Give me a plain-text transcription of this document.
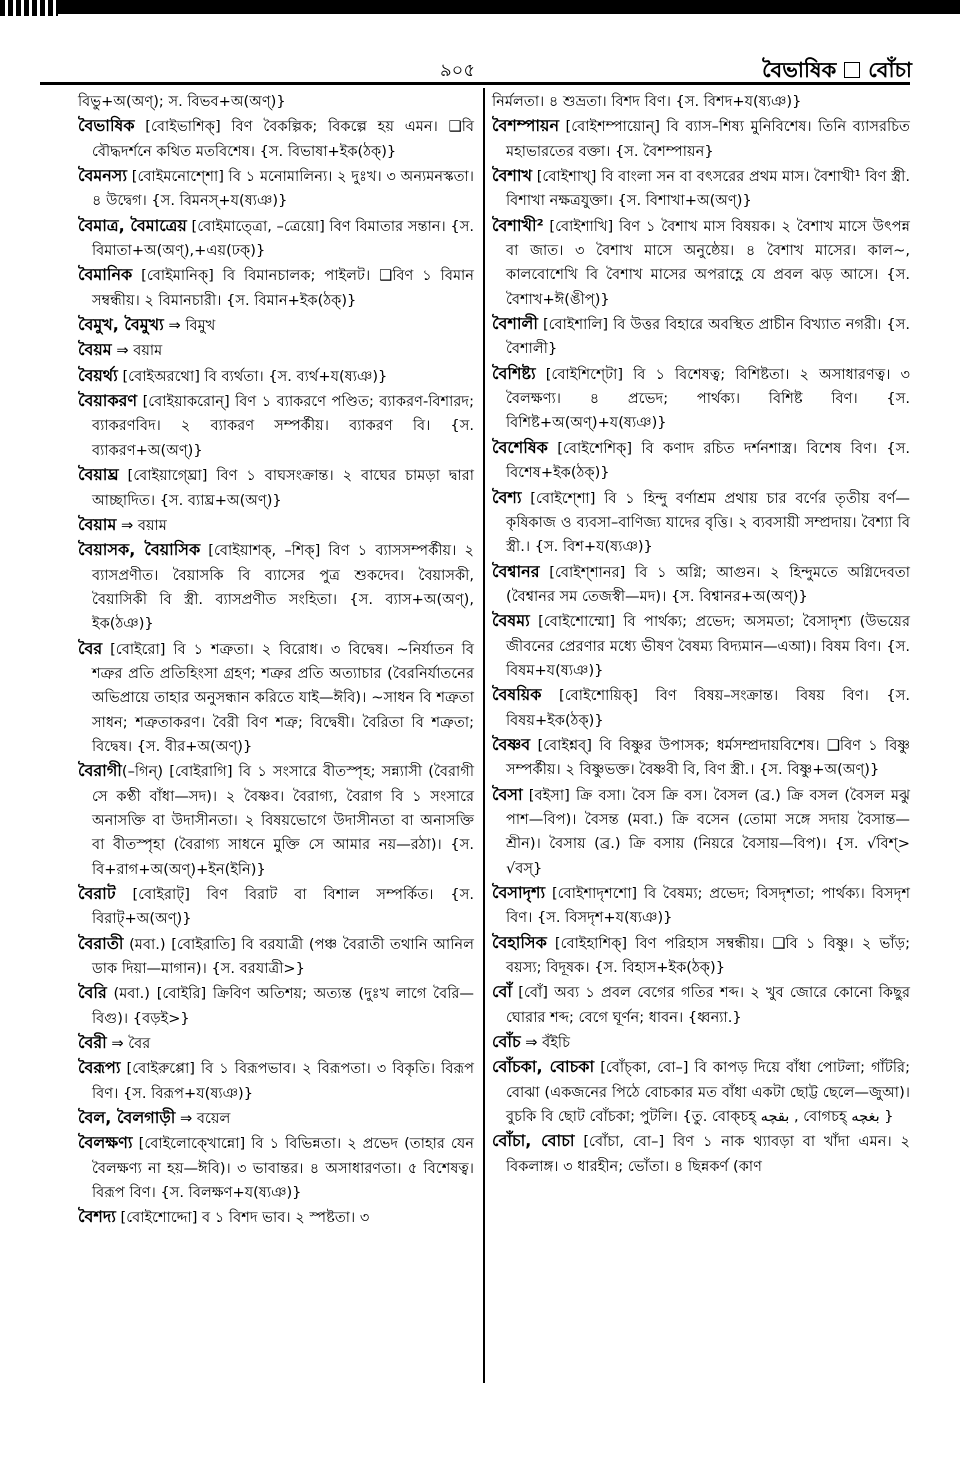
৯০৫	বৈভাষিক বোঁচা
বিভু+অ(অণ্); স. বিভব+অ(অণ্)}
বৈভাষিক [বোইভাশিক্] বিণ বৈকল্পিক; বিকল্পে হয় এমন। ❑বি বৌদ্ধদর্শনে কথিত মতবিশেষ। {স. বিভাষা+ইক(ঠক্)}
বৈমনস্য [বোইমনোশ্শো] বি ১ মনোমালিন্য। ২ দুঃখ। ৩ অন্যমনস্কতা। ৪ উদ্বেগ। {স. বিমনস্+য(ষ্যঞ)}
বৈমাত্র, বৈমাত্রেয় [বোইমাত্ত্রো, –ত্রেয়ো] বিণ বিমাতার সন্তান। {স. বিমাতা+অ(অণ্),+এয়(ঢক্)}
বৈমানিক [বোইমানিক্] বি বিমানচালক; পাইলট। ❑বিণ ১ বিমান সম্বন্ধীয়। ২ বিমানচারী। {স. বিমান+ইক(ঠক্)}
বৈমুখ, বৈমুখ্য ⇒ বিমুখ
বৈয়ম ⇒ বয়াম
বৈয়র্থ্য [বোইঅরথো] বি ব্যর্থতা। {স. ব্যর্থ+য(ষ্যঞ)}
বৈয়াকরণ [বোইয়াকরোন্] বিণ ১ ব্যাকরণে পণ্ডিত; ব্যাকরণ-বিশারদ; ব্যাকরণবিদ। ২ ব্যাকরণ সম্পর্কীয়। ব্যাকরণ বি। {স. ব্যাকরণ+অ(অণ্)}
বৈয়াঘ্র [বোইয়াগ্ঘ্রো] বিণ ১ বাঘসংক্রান্ত। ২ বাঘের চামড়া দ্বারা আচ্ছাদিত। {স. ব্যাঘ্র+অ(অণ্)}
বৈয়াম ⇒ বয়াম
বৈয়াসক, বৈয়াসিক [বোইয়াশক্, –শিক্] বিণ ১ ব্যাসসম্পর্কীয়। ২ ব্যাসপ্রণীত। বৈয়াসকি বি ব্যাসের পুত্র শুকদেব। বৈয়াসকী, বৈয়াসিকী বি স্ত্রী. ব্যাসপ্রণীত সংহিতা। {স. ব্যাস+অ(অণ্), ইক(ঠঞ)}
বৈর [বোইরো] বি ১ শত্রুতা। ২ বিরোধ। ৩ বিদ্বেষ। ~নির্যাতন বি শত্রুর প্রতি প্রতিহিংসা গ্রহণ; শত্রুর প্রতি অত্যাচার (বৈরনির্যাতনের অভিপ্রায়ে তাহার অনুসন্ধান করিতে যাই—ঈবি)। ~সাধন বি শত্রুতা সাধন; শত্রুতাকরণ। বৈরী বিণ শত্রু; বিদ্বেষী। বৈরিতা বি শত্রুতা; বিদ্বেষ। {স. বীর+অ(অণ্)}
বৈরাগী(–গিন্) [বোইরাগি] বি ১ সংসারে বীতস্পৃহ; সন্ন্যাসী (বৈরাগী সে কণ্ঠী বাঁধা—সদ)। ২ বৈষ্ণব। বৈরাগ্য, বৈরাগ বি ১ সংসারে অনাসক্তি বা উদাসীনতা। ২ বিষয়ভোগে উদাসীনতা বা অনাসক্তি বা বীতস্পৃহা (বৈরাগ্য সাধনে মুক্তি সে আমার নয়—রঠা)। {স. বি+রাগ+অ(অণ্)+ইন(ইনি)}
বৈরাট [বোইরাট্] বিণ বিরাট বা বিশাল সম্পর্কিত। {স. বিরাট্+অ(অণ্)}
বৈরাতী (মবা.) [বোইরাতি] বি বরযাত্রী (পঞ্চ বৈরাতী তথানি আনিল ডাক দিয়া—মাগান)। {স. বরযাত্রী>}
বৈরি (মবা.) [বোইরি] ক্রিবিণ অতিশয়; অত্যন্ত (দুঃখ লাগে বৈরি—বিগু)। {বড়ই>}
বৈরী ⇒ বৈর
বৈরূপ্য [বোইরুপ্পো] বি ১ বিরূপভাব। ২ বিরূপতা। ৩ বিকৃতি। বিরূপ বিণ। {স. বিরূপ+য(ষ্যঞ)}
বৈল, বৈলগাড়ী ⇒ বয়েল
বৈলক্ষণ্য [বোইলোক্খোন্নো] বি ১ বিভিন্নতা। ২ প্রভেদ (তাহার যেন বৈলক্ষণ্য না হয়—ঈবি)। ৩ ভাবান্তর। ৪ অসাধারণতা। ৫ বিশেষত্ব। বিরূপ বিণ। {স. বিলক্ষণ+য(ষ্যঞ)}
বৈশদ্য [বোইশোদ্দো] ব ১ বিশদ ভাব। ২ স্পষ্টতা। ৩
নির্মলতা। ৪ শুভ্রতা। বিশদ বিণ। {স. বিশদ+য(ষ্যঞ)}
বৈশম্পায়ন [বোইশম্পায়োন্] বি ব্যাস–শিষ্য মুনিবিশেষ। তিনি ব্যাসরচিত মহাভারতের বক্তা। {স. বৈশম্পায়ন}
বৈশাখ [বোইশাখ্] বি বাংলা সন বা বৎসরের প্রথম মাস। বৈশাখী¹ বিণ স্ত্রী. বিশাখা নক্ষত্রযুক্তা। {স. বিশাখা+অ(অণ্)}
বৈশাখী² [বোইশাখি] বিণ ১ বৈশাখ মাস বিষয়ক। ২ বৈশাখ মাসে উৎপন্ন বা জাত। ৩ বৈশাখ মাসে অনুষ্ঠেয়। ৪ বৈশাখ মাসের। কাল~, কালবোশেখি বি বৈশাখ মাসের অপরাহ্ণে যে প্রবল ঝড় আসে। {স. বৈশাখ+ঈ(ঙীপ্)}
বৈশালী [বোইশালি] বি উত্তর বিহারে অবস্থিত প্রাচীন বিখ্যাত নগরী। {স. বৈশালী}
বৈশিষ্ট্য [বোইশিশ্টো] বি ১ বিশেষত্ব; বিশিষ্টতা। ২ অসাধারণত্ব। ৩ বৈলক্ষণ্য। ৪ প্রভেদ; পার্থক্য। বিশিষ্ট বিণ। {স. বিশিষ্ট+অ(অণ্)+য(ষ্যঞ)}
বৈশেষিক [বোইশেশিক্] বি কণাদ রচিত দর্শনশাস্ত্র। বিশেষ বিণ। {স. বিশেষ+ইক(ঠক্)}
বৈশ্য [বোইশ্শো] বি ১ হিন্দু বর্ণাশ্রম প্রথায় চার বর্ণের তৃতীয় বর্ণ—কৃষিকাজ ও ব্যবসা–বাণিজ্য যাদের বৃত্তি। ২ ব্যবসায়ী সম্প্রদায়। বৈশ্যা বি স্ত্রী.। {স. বিশ+য(ষ্যঞ)}
বৈশ্বানর [বোইশ্শানর] বি ১ অগ্নি; আগুন। ২ হিন্দুমতে অগ্নিদেবতা (বৈশ্বানর সম তেজস্বী—মদ)। {স. বিশ্বানর+অ(অণ্)}
বৈষম্য [বোইশোম্মো] বি পার্থক্য; প্রভেদ; অসমতা; বৈসাদৃশ্য (উভয়ের জীবনের প্রেরণার মধ্যে ভীষণ বৈষম্য বিদ্যমান—এআ)। বিষম বিণ। {স. বিষম+য(ষ্যঞ)}
বৈষয়িক [বোইশোয়িক্] বিণ বিষয়–সংক্রান্ত। বিষয় বিণ। {স. বিষয়+ইক(ঠক্)}
বৈষ্ণব [বোইশ্নব্] বি বিষ্ণুর উপাসক; ধর্মসম্প্রদায়বিশেষ। ❑বিণ ১ বিষ্ণু সম্পর্কীয়। ২ বিষ্ণুভক্ত। বৈষ্ণবী বি, বিণ স্ত্রী.। {স. বিষ্ণু+অ(অণ্)}
বৈসা [বইসা] ক্রি বসা। বৈস ক্রি বস। বৈসল (ব্র.) ক্রি বসল (বৈসল মঝু পাশ—বিপ)। বৈসন্ত (মবা.) ক্রি বসেন (তোমা সঙ্গে সদায় বৈসান্ত—শ্রীন)। বৈসায় (ব্র.) ক্রি বসায় (নিয়রে বৈসায়—বিপ)। {স. √বিশ্> √বস্}
বৈসাদৃশ্য [বোইশাদৃশশো] বি বৈষম্য; প্রভেদ; বিসদৃশতা; পার্থক্য। বিসদৃশ বিণ। {স. বিসদৃশ+য(ষ্যঞ)}
বৈহাসিক [বোইহাশিক্] বিণ পরিহাস সম্বন্ধীয়। ❑বি ১ বিষ্ণু। ২ ভাঁড়; বয়স্য; বিদূষক। {স. বিহাস+ইক(ঠক্)}
বোঁ [বোঁ] অব্য ১ প্রবল বেগের গতির শব্দ। ২ খুব জোরে কোনো কিছুর ঘোরার শব্দ; বেগে ঘূর্ণন; ধাবন। {ধ্বন্যা.}
বোঁচ ⇒ বঁইচি
বোঁচকা, বোচকা [বোঁচ্কা, বো–] বি কাপড় দিয়ে বাঁধা পোটলা; গাঁটরি; বোঝা (একজনের পিঠে বোচকার মত বাঁধা একটা ছোট্ট ছেলে—জুআ)। বুচকি বি ছোট বোঁচকা; পুটলি। {তু. বোক্‌চহ্ بقچه , বোগচহ্ بغچه }
বোঁচা, বোচা [বোঁচা, বো–] বিণ ১ নাক থ্যাবড়া বা খাঁদা এমন। ২ বিকলাঙ্গ। ৩ ধারহীন; ভোঁতা। ৪ ছিন্নকর্ণ (কাণ
